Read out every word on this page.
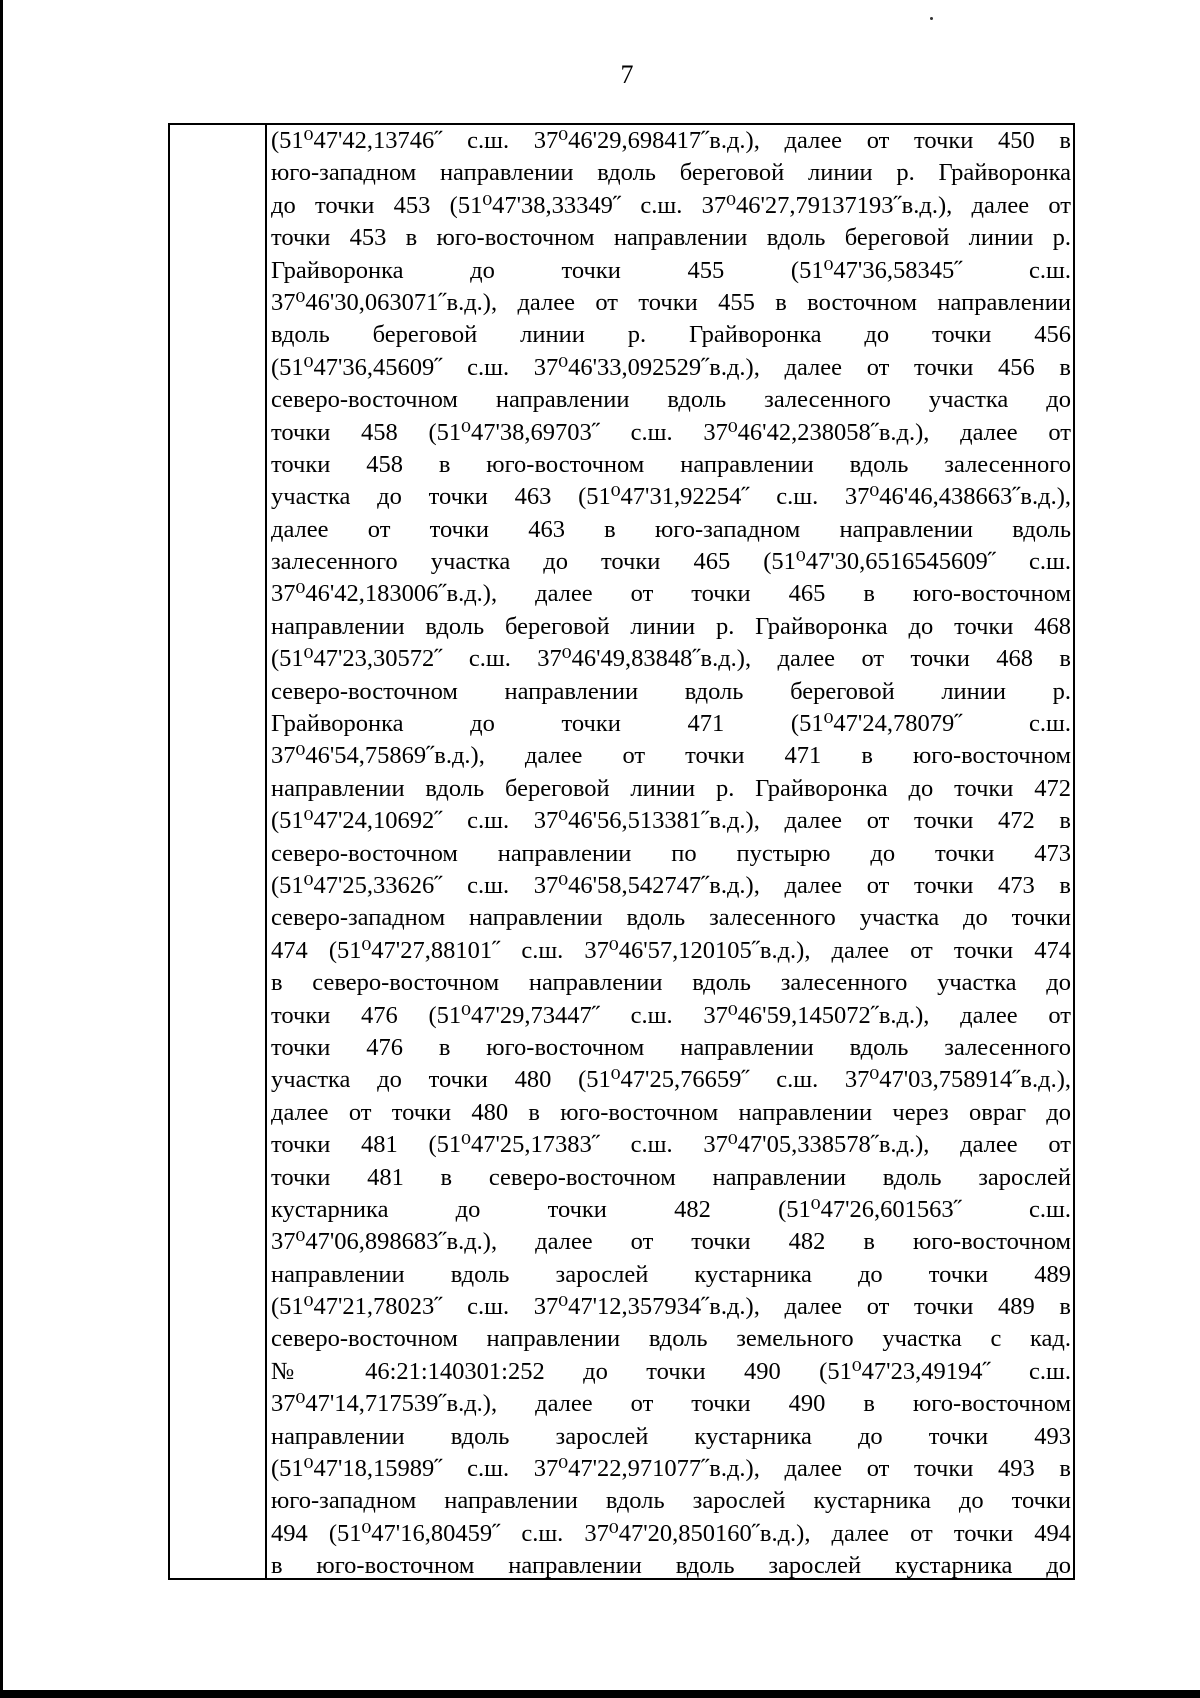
7
(51⁰47'42,13746˝ с.ш. 37⁰46'29,698417˝в.д.), далее от точки 450 в
юго-западном направлении вдоль береговой линии р. Грайворонка
до точки 453 (51⁰47'38,33349˝ с.ш. 37⁰46'27,79137193˝в.д.), далее от
точки 453 в юго-восточном направлении вдоль береговой линии р.
Грайворонка до точки 455 (51⁰47'36,58345˝ с.ш.
37⁰46'30,063071˝в.д.), далее от точки 455 в восточном направлении
вдоль береговой линии р. Грайворонка до точки 456
(51⁰47'36,45609˝ с.ш. 37⁰46'33,092529˝в.д.), далее от точки 456 в
северо-восточном направлении вдоль залесенного участка до
точки 458 (51⁰47'38,69703˝ с.ш. 37⁰46'42,238058˝в.д.), далее от
точки 458 в юго-восточном направлении вдоль залесенного
участка до точки 463 (51⁰47'31,92254˝ с.ш. 37⁰46'46,438663˝в.д.),
далее от точки 463 в юго-западном направлении вдоль
залесенного участка до точки 465 (51⁰47'30,6516545609˝ с.ш.
37⁰46'42,183006˝в.д.), далее от точки 465 в юго-восточном
направлении вдоль береговой линии р. Грайворонка до точки 468
(51⁰47'23,30572˝ с.ш. 37⁰46'49,83848˝в.д.), далее от точки 468 в
северо-восточном направлении вдоль береговой линии р.
Грайворонка до точки 471 (51⁰47'24,78079˝ с.ш.
37⁰46'54,75869˝в.д.), далее от точки 471 в юго-восточном
направлении вдоль береговой линии р. Грайворонка до точки 472
(51⁰47'24,10692˝ с.ш. 37⁰46'56,513381˝в.д.), далее от точки 472 в
северо-восточном направлении по пустырю до точки 473
(51⁰47'25,33626˝ с.ш. 37⁰46'58,542747˝в.д.), далее от точки 473 в
северо-западном направлении вдоль залесенного участка до точки
474 (51⁰47'27,88101˝ с.ш. 37⁰46'57,120105˝в.д.), далее от точки 474
в северо-восточном направлении вдоль залесенного участка до
точки 476 (51⁰47'29,73447˝ с.ш. 37⁰46'59,145072˝в.д.), далее от
точки 476 в юго-восточном направлении вдоль залесенного
участка до точки 480 (51⁰47'25,76659˝ с.ш. 37⁰47'03,758914˝в.д.),
далее от точки 480 в юго-восточном направлении через овраг до
точки 481 (51⁰47'25,17383˝ с.ш. 37⁰47'05,338578˝в.д.), далее от
точки 481 в северо-восточном направлении вдоль зарослей
кустарника до точки 482 (51⁰47'26,601563˝ с.ш.
37⁰47'06,898683˝в.д.), далее от точки 482 в юго-восточном
направлении вдоль зарослей кустарника до точки 489
(51⁰47'21,78023˝ с.ш. 37⁰47'12,357934˝в.д.), далее от точки 489 в
северо-восточном направлении вдоль земельного участка с кад.
№ 46:21:140301:252 до точки 490 (51⁰47'23,49194˝ с.ш.
37⁰47'14,717539˝в.д.), далее от точки 490 в юго-восточном
направлении вдоль зарослей кустарника до точки 493
(51⁰47'18,15989˝ с.ш. 37⁰47'22,971077˝в.д.), далее от точки 493 в
юго-западном направлении вдоль зарослей кустарника до точки
494 (51⁰47'16,80459˝ с.ш. 37⁰47'20,850160˝в.д.), далее от точки 494
в юго-восточном направлении вдоль зарослей кустарника до
